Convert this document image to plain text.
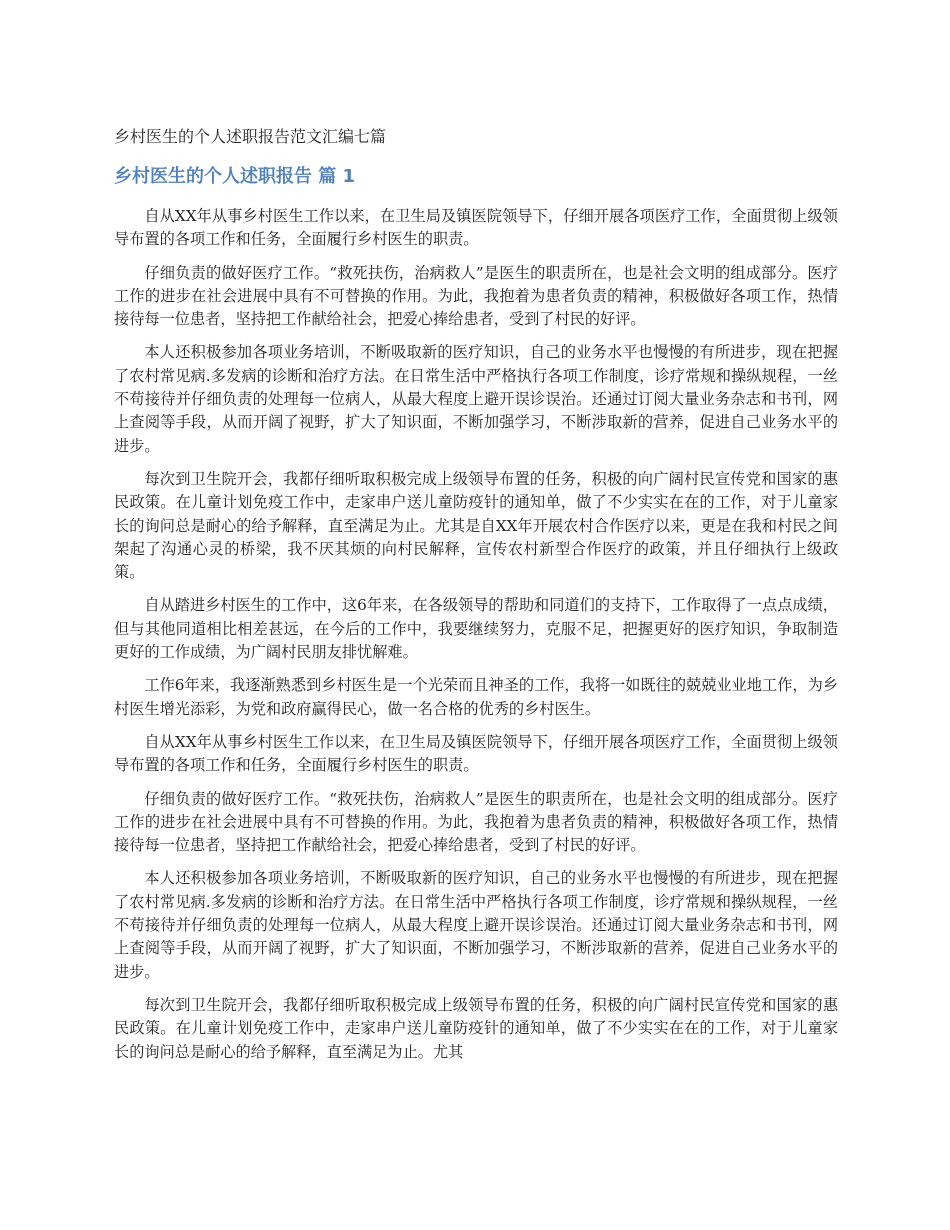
乡村医生的个人述职报告范文汇编七篇
乡村医生的个人述职报告 篇 1

自从XX年从事乡村医生工作以来，在卫生局及镇医院领导下，仔细开展各项医疗工作，全面贯彻上级领导布置的各项工作和任务，全面履行乡村医生的职责。

仔细负责的做好医疗工作。“救死扶伤，治病救人”是医生的职责所在，也是社会文明的组成部分。医疗工作的进步在社会进展中具有不可替换的作用。为此，我抱着为患者负责的精神，积极做好各项工作，热情接待每一位患者，坚持把工作献给社会，把爱心捧给患者，受到了村民的好评。

本人还积极参加各项业务培训，不断吸取新的医疗知识，自己的业务水平也慢慢的有所进步，现在把握了农村常见病.多发病的诊断和治疗方法。在日常生活中严格执行各项工作制度，诊疗常规和操纵规程，一丝不苟接待并仔细负责的处理每一位病人，从最大程度上避开误诊误治。还通过订阅大量业务杂志和书刊，网上查阅等手段，从而开阔了视野，扩大了知识面，不断加强学习，不断涉取新的营养，促进自己业务水平的进步。

每次到卫生院开会，我都仔细听取积极完成上级领导布置的任务，积极的向广阔村民宣传党和国家的惠民政策。在儿童计划免疫工作中，走家串户送儿童防疫针的通知单，做了不少实实在在的工作，对于儿童家长的询问总是耐心的给予解释，直至满足为止。尤其是自XX年开展农村合作医疗以来，更是在我和村民之间架起了沟通心灵的桥梁，我不厌其烦的向村民解释，宣传农村新型合作医疗的政策，并且仔细执行上级政策。

自从踏进乡村医生的工作中，这6年来，在各级领导的帮助和同道们的支持下，工作取得了一点点成绩，但与其他同道相比相差甚远，在今后的工作中，我要继续努力，克服不足，把握更好的医疗知识，争取制造更好的工作成绩，为广阔村民朋友排忧解难。

工作6年来，我逐渐熟悉到乡村医生是一个光荣而且神圣的工作，我将一如既往的兢兢业业地工作，为乡村医生增光添彩，为党和政府赢得民心，做一名合格的优秀的乡村医生。

自从XX年从事乡村医生工作以来，在卫生局及镇医院领导下，仔细开展各项医疗工作，全面贯彻上级领导布置的各项工作和任务，全面履行乡村医生的职责。

仔细负责的做好医疗工作。“救死扶伤，治病救人”是医生的职责所在，也是社会文明的组成部分。医疗工作的进步在社会进展中具有不可替换的作用。为此，我抱着为患者负责的精神，积极做好各项工作，热情接待每一位患者，坚持把工作献给社会，把爱心捧给患者，受到了村民的好评。

本人还积极参加各项业务培训，不断吸取新的医疗知识，自己的业务水平也慢慢的有所进步，现在把握了农村常见病.多发病的诊断和治疗方法。在日常生活中严格执行各项工作制度，诊疗常规和操纵规程，一丝不苟接待并仔细负责的处理每一位病人，从最大程度上避开误诊误治。还通过订阅大量业务杂志和书刊，网上查阅等手段，从而开阔了视野，扩大了知识面，不断加强学习，不断涉取新的营养，促进自己业务水平的进步。

每次到卫生院开会，我都仔细听取积极完成上级领导布置的任务，积极的向广阔村民宣传党和国家的惠民政策。在儿童计划免疫工作中，走家串户送儿童防疫针的通知单，做了不少实实在在的工作，对于儿童家长的询问总是耐心的给予解释，直至满足为止。尤其
